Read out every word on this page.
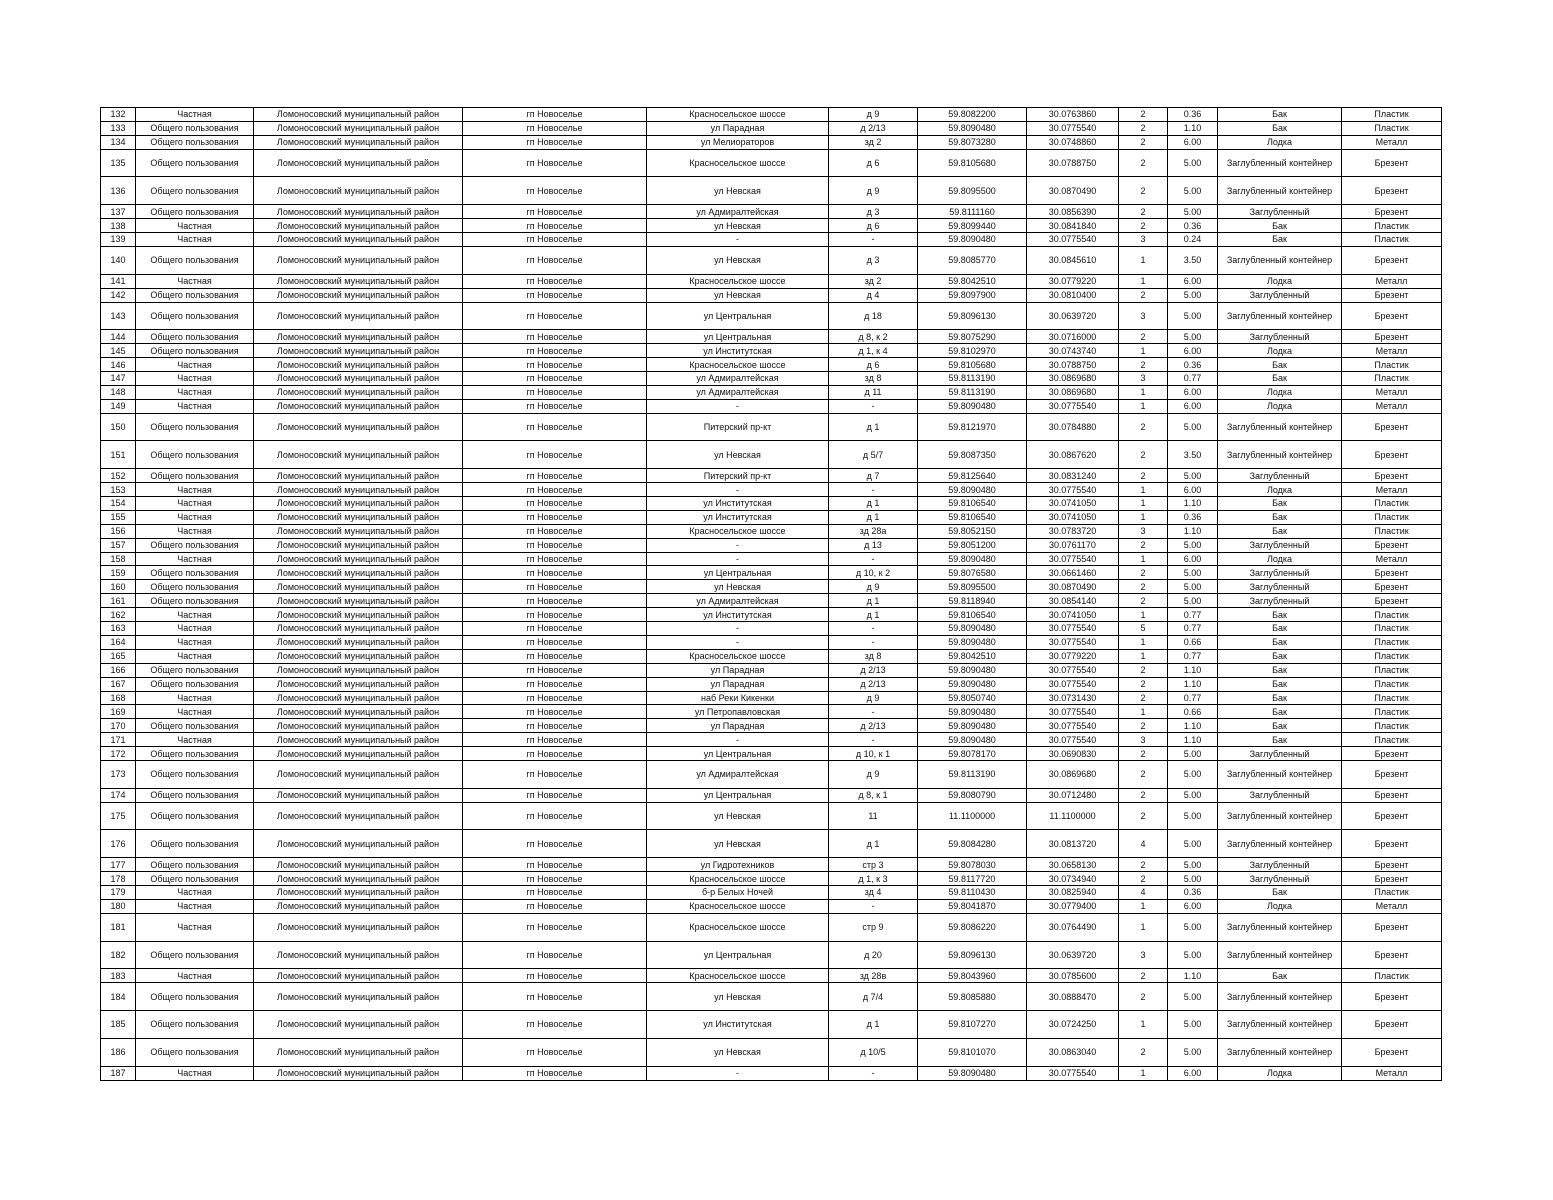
132	Частная	Ломоносовский муниципальный район	гп Новоселье	Красносельское шоссе	д 9	59.8082200	30.0763860	2	0.36	Бак	Пластик
133	Общего пользования	Ломоносовский муниципальный район	гп Новоселье	ул Парадная	д 2/13	59.8090480	30.0775540	2	1.10	Бак	Пластик
134	Общего пользования	Ломоносовский муниципальный район	гп Новоселье	ул Мелиораторов	зд 2	59.8073280	30.0748860	2	6.00	Лодка	Металл
135	Общего пользования	Ломоносовский муниципальный район	гп Новоселье	Красносельское шоссе	д 6	59.8105680	30.0788750	2	5.00	Заглубленный контейнер	Брезент
136	Общего пользования	Ломоносовский муниципальный район	гп Новоселье	ул Невская	д 9	59.8095500	30.0870490	2	5.00	Заглубленный контейнер	Брезент
137	Общего пользования	Ломоносовский муниципальный район	гп Новоселье	ул Адмиралтейская	д 3	59.8111160	30.0856390	2	5.00	Заглубленный	Брезент
138	Частная	Ломоносовский муниципальный район	гп Новоселье	ул Невская	д 6	59.8099440	30.0841840	2	0.36	Бак	Пластик
139	Частная	Ломоносовский муниципальный район	гп Новоселье	-	-	59.8090480	30.0775540	3	0.24	Бак	Пластик
140	Общего пользования	Ломоносовский муниципальный район	гп Новоселье	ул Невская	д 3	59.8085770	30.0845610	1	3.50	Заглубленный контейнер	Брезент
141	Частная	Ломоносовский муниципальный район	гп Новоселье	Красносельское шоссе	зд 2	59.8042510	30.0779220	1	6.00	Лодка	Металл
142	Общего пользования	Ломоносовский муниципальный район	гп Новоселье	ул Невская	д 4	59.8097900	30.0810400	2	5.00	Заглубленный	Брезент
143	Общего пользования	Ломоносовский муниципальный район	гп Новоселье	ул Центральная	д 18	59.8096130	30.0639720	3	5.00	Заглубленный контейнер	Брезент
144	Общего пользования	Ломоносовский муниципальный район	гп Новоселье	ул Центральная	д 8, к 2	59.8075290	30.0716000	2	5.00	Заглубленный	Брезент
145	Общего пользования	Ломоносовский муниципальный район	гп Новоселье	ул Институтская	д 1, к 4	59.8102970	30.0743740	1	6.00	Лодка	Металл
146	Частная	Ломоносовский муниципальный район	гп Новоселье	Красносельское шоссе	д 6	59.8105680	30.0788750	2	0.36	Бак	Пластик
147	Частная	Ломоносовский муниципальный район	гп Новоселье	ул Адмиралтейская	зд 8	59.8113190	30.0869680	3	0.77	Бак	Пластик
148	Частная	Ломоносовский муниципальный район	гп Новоселье	ул Адмиралтейская	д 11	59.8113190	30.0869680	1	6.00	Лодка	Металл
149	Частная	Ломоносовский муниципальный район	гп Новоселье	-	-	59.8090480	30.0775540	1	6.00	Лодка	Металл
150	Общего пользования	Ломоносовский муниципальный район	гп Новоселье	Питерский пр-кт	д 1	59.8121970	30.0784880	2	5.00	Заглубленный контейнер	Брезент
151	Общего пользования	Ломоносовский муниципальный район	гп Новоселье	ул Невская	д 5/7	59.8087350	30.0867620	2	3.50	Заглубленный контейнер	Брезент
152	Общего пользования	Ломоносовский муниципальный район	гп Новоселье	Питерский пр-кт	д 7	59.8125640	30.0831240	2	5.00	Заглубленный	Брезент
153	Частная	Ломоносовский муниципальный район	гп Новоселье	-	-	59.8090480	30.0775540	1	6.00	Лодка	Металл
154	Частная	Ломоносовский муниципальный район	гп Новоселье	ул Институтская	д 1	59.8106540	30.0741050	1	1.10	Бак	Пластик
155	Частная	Ломоносовский муниципальный район	гп Новоселье	ул Институтская	д 1	59.8106540	30.0741050	1	0.36	Бак	Пластик
156	Частная	Ломоносовский муниципальный район	гп Новоселье	Красносельское шоссе	зд 28а	59.8052150	30.0783720	3	1.10	Бак	Пластик
157	Общего пользования	Ломоносовский муниципальный район	гп Новоселье	-	д 13	59.8051200	30.0761170	2	5.00	Заглубленный	Брезент
158	Частная	Ломоносовский муниципальный район	гп Новоселье	-	-	59.8090480	30.0775540	1	6.00	Лодка	Металл
159	Общего пользования	Ломоносовский муниципальный район	гп Новоселье	ул Центральная	д 10, к 2	59.8076580	30.0661460	2	5.00	Заглубленный	Брезент
160	Общего пользования	Ломоносовский муниципальный район	гп Новоселье	ул Невская	д 9	59.8095500	30.0870490	2	5.00	Заглубленный	Брезент
161	Общего пользования	Ломоносовский муниципальный район	гп Новоселье	ул Адмиралтейская	д 1	59.8118940	30.0854140	2	5.00	Заглубленный	Брезент
162	Частная	Ломоносовский муниципальный район	гп Новоселье	ул Институтская	д 1	59.8106540	30.0741050	1	0.77	Бак	Пластик
163	Частная	Ломоносовский муниципальный район	гп Новоселье	-	-	59.8090480	30.0775540	5	0.77	Бак	Пластик
164	Частная	Ломоносовский муниципальный район	гп Новоселье	-	-	59.8090480	30.0775540	1	0.66	Бак	Пластик
165	Частная	Ломоносовский муниципальный район	гп Новоселье	Красносельское шоссе	зд 8	59.8042510	30.0779220	1	0.77	Бак	Пластик
166	Общего пользования	Ломоносовский муниципальный район	гп Новоселье	ул Парадная	д 2/13	59.8090480	30.0775540	2	1.10	Бак	Пластик
167	Общего пользования	Ломоносовский муниципальный район	гп Новоселье	ул Парадная	д 2/13	59.8090480	30.0775540	2	1.10	Бак	Пластик
168	Частная	Ломоносовский муниципальный район	гп Новоселье	наб Реки Кикенки	д 9	59.8050740	30.0731430	2	0.77	Бак	Пластик
169	Частная	Ломоносовский муниципальный район	гп Новоселье	ул Петропавловская	-	59.8090480	30.0775540	1	0.66	Бак	Пластик
170	Общего пользования	Ломоносовский муниципальный район	гп Новоселье	ул Парадная	д 2/13	59.8090480	30.0775540	2	1.10	Бак	Пластик
171	Частная	Ломоносовский муниципальный район	гп Новоселье	-	-	59.8090480	30.0775540	3	1.10	Бак	Пластик
172	Общего пользования	Ломоносовский муниципальный район	гп Новоселье	ул Центральная	д 10, к 1	59.8078170	30.0690830	2	5.00	Заглубленный	Брезент
173	Общего пользования	Ломоносовский муниципальный район	гп Новоселье	ул Адмиралтейская	д 9	59.8113190	30.0869680	2	5.00	Заглубленный контейнер	Брезент
174	Общего пользования	Ломоносовский муниципальный район	гп Новоселье	ул Центральная	д 8, к 1	59.8080790	30.0712480	2	5.00	Заглубленный	Брезент
175	Общего пользования	Ломоносовский муниципальный район	гп Новоселье	ул Невская	11	11.1100000	11.1100000	2	5.00	Заглубленный контейнер	Брезент
176	Общего пользования	Ломоносовский муниципальный район	гп Новоселье	ул Невская	д 1	59.8084280	30.0813720	4	5.00	Заглубленный контейнер	Брезент
177	Общего пользования	Ломоносовский муниципальный район	гп Новоселье	ул Гидротехников	стр 3	59.8078030	30.0658130	2	5.00	Заглубленный	Брезент
178	Общего пользования	Ломоносовский муниципальный район	гп Новоселье	Красносельское шоссе	д 1, к 3	59.8117720	30.0734940	2	5.00	Заглубленный	Брезент
179	Частная	Ломоносовский муниципальный район	гп Новоселье	б-р Белых Ночей	зд 4	59.8110430	30.0825940	4	0.36	Бак	Пластик
180	Частная	Ломоносовский муниципальный район	гп Новоселье	Красносельское шоссе	-	59.8041870	30.0779400	1	6.00	Лодка	Металл
181	Частная	Ломоносовский муниципальный район	гп Новоселье	Красносельское шоссе	стр 9	59.8086220	30.0764490	1	5.00	Заглубленный контейнер	Брезент
182	Общего пользования	Ломоносовский муниципальный район	гп Новоселье	ул Центральная	д 20	59.8096130	30.0639720	3	5.00	Заглубленный контейнер	Брезент
183	Частная	Ломоносовский муниципальный район	гп Новоселье	Красносельское шоссе	зд 28в	59.8043960	30.0785600	2	1.10	Бак	Пластик
184	Общего пользования	Ломоносовский муниципальный район	гп Новоселье	ул Невская	д 7/4	59.8085880	30.0888470	2	5.00	Заглубленный контейнер	Брезент
185	Общего пользования	Ломоносовский муниципальный район	гп Новоселье	ул Институтская	д 1	59.8107270	30.0724250	1	5.00	Заглубленный контейнер	Брезент
186	Общего пользования	Ломоносовский муниципальный район	гп Новоселье	ул Невская	д 10/5	59.8101070	30.0863040	2	5.00	Заглубленный контейнер	Брезент
187	Частная	Ломоносовский муниципальный район	гп Новоселье	-	-	59.8090480	30.0775540	1	6.00	Лодка	Металл
